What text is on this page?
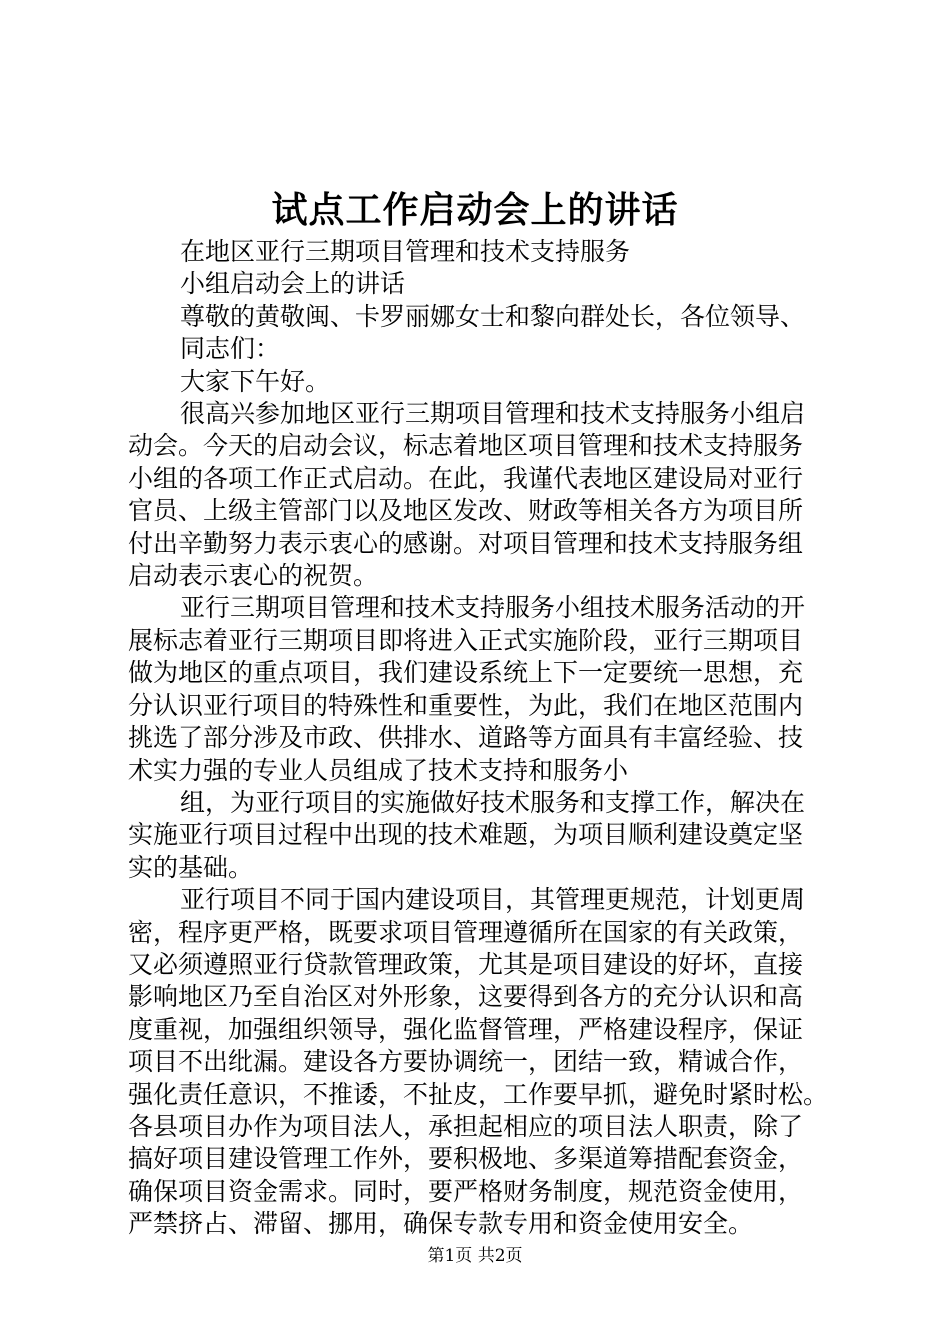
试点工作启动会上的讲话

在地区亚行三期项目管理和技术支持服务

小组启动会上的讲话

尊敬的黄敬闽、卡罗丽娜女士和黎向群处长，各位领导、

同志们：

大家下午好。

很高兴参加地区亚行三期项目管理和技术支持服务小组启

动会。今天的启动会议，标志着地区项目管理和技术支持服务

小组的各项工作正式启动。在此，我谨代表地区建设局对亚行

官员、上级主管部门以及地区发改、财政等相关各方为项目所

付出辛勤努力表示衷心的感谢。对项目管理和技术支持服务组

启动表示衷心的祝贺。

亚行三期项目管理和技术支持服务小组技术服务活动的开

展标志着亚行三期项目即将进入正式实施阶段，亚行三期项目

做为地区的重点项目，我们建设系统上下一定要统一思想，充

分认识亚行项目的特殊性和重要性，为此，我们在地区范围内

挑选了部分涉及市政、供排水、道路等方面具有丰富经验、技

术实力强的专业人员组成了技术支持和服务小

组，为亚行项目的实施做好技术服务和支撑工作，解决在

实施亚行项目过程中出现的技术难题，为项目顺利建设奠定坚

实的基础。

亚行项目不同于国内建设项目，其管理更规范，计划更周

密，程序更严格，既要求项目管理遵循所在国家的有关政策，

又必须遵照亚行贷款管理政策，尤其是项目建设的好坏，直接

影响地区乃至自治区对外形象，这要得到各方的充分认识和高

度重视，加强组织领导，强化监督管理，严格建设程序，保证

项目不出纰漏。建设各方要协调统一，团结一致，精诚合作，

强化责任意识，不推诿，不扯皮，工作要早抓，避免时紧时松。

各县项目办作为项目法人，承担起相应的项目法人职责，除了

搞好项目建设管理工作外，要积极地、多渠道筹措配套资金，

确保项目资金需求。同时，要严格财务制度，规范资金使用，

严禁挤占、滞留、挪用，确保专款专用和资金使用安全。

第1页 共2页
